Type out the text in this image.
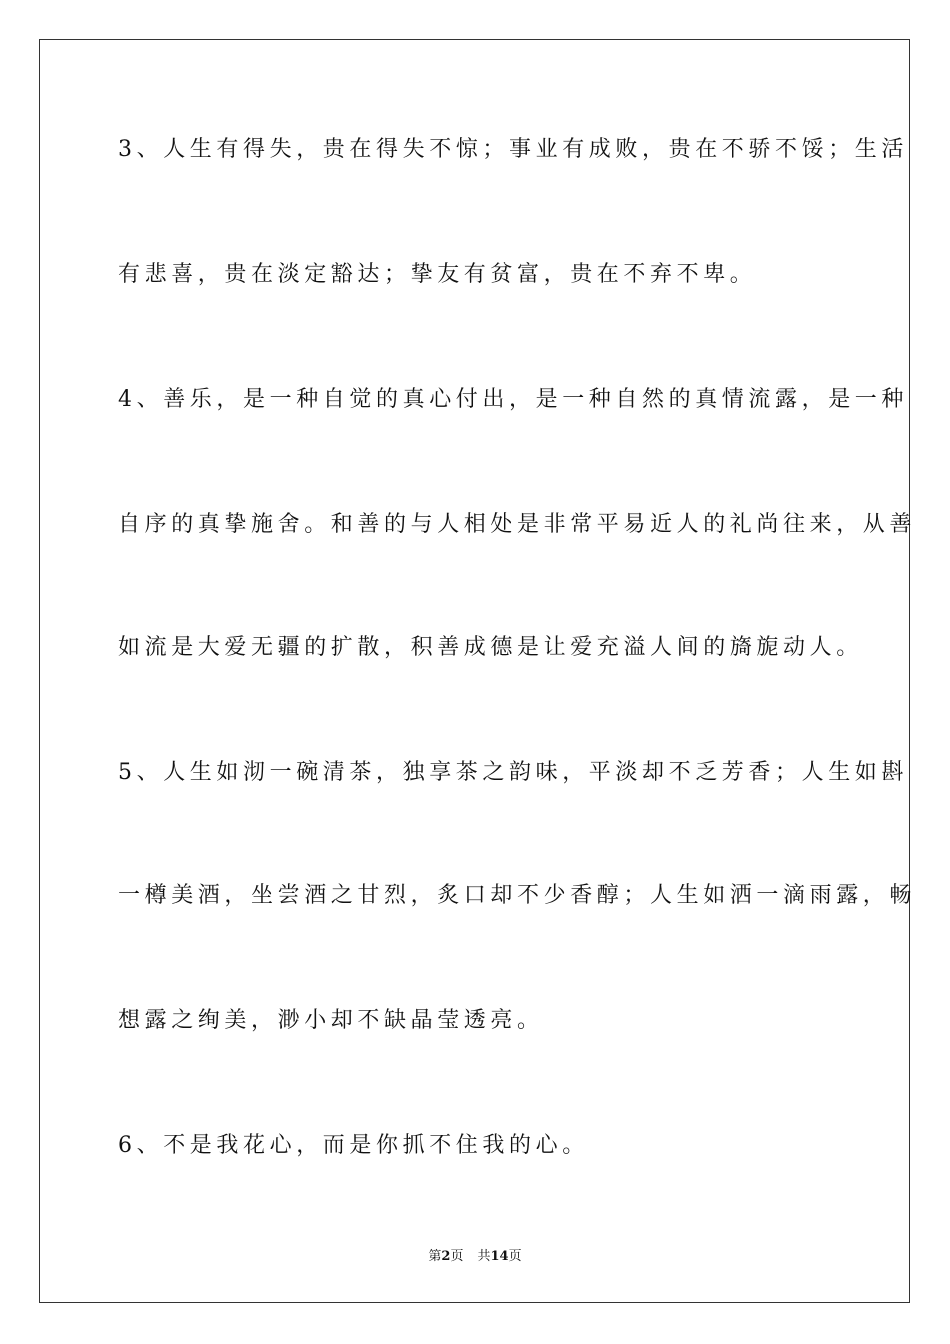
3、人生有得失，贵在得失不惊；事业有成败，贵在不骄不馁；生活
有悲喜，贵在淡定豁达；挚友有贫富，贵在不弃不卑。
4、善乐，是一种自觉的真心付出，是一种自然的真情流露，是一种
自序的真挚施舍。和善的与人相处是非常平易近人的礼尚往来，从善
如流是大爱无疆的扩散，积善成德是让爱充溢人间的旖旎动人。
5、人生如沏一碗清茶，独享茶之韵味，平淡却不乏芳香；人生如斟
一樽美酒，坐尝酒之甘烈，炙口却不少香醇；人生如洒一滴雨露，畅
想露之绚美，渺小却不缺晶莹透亮。
6、不是我花心，而是你抓不住我的心。
第2页 共14页
